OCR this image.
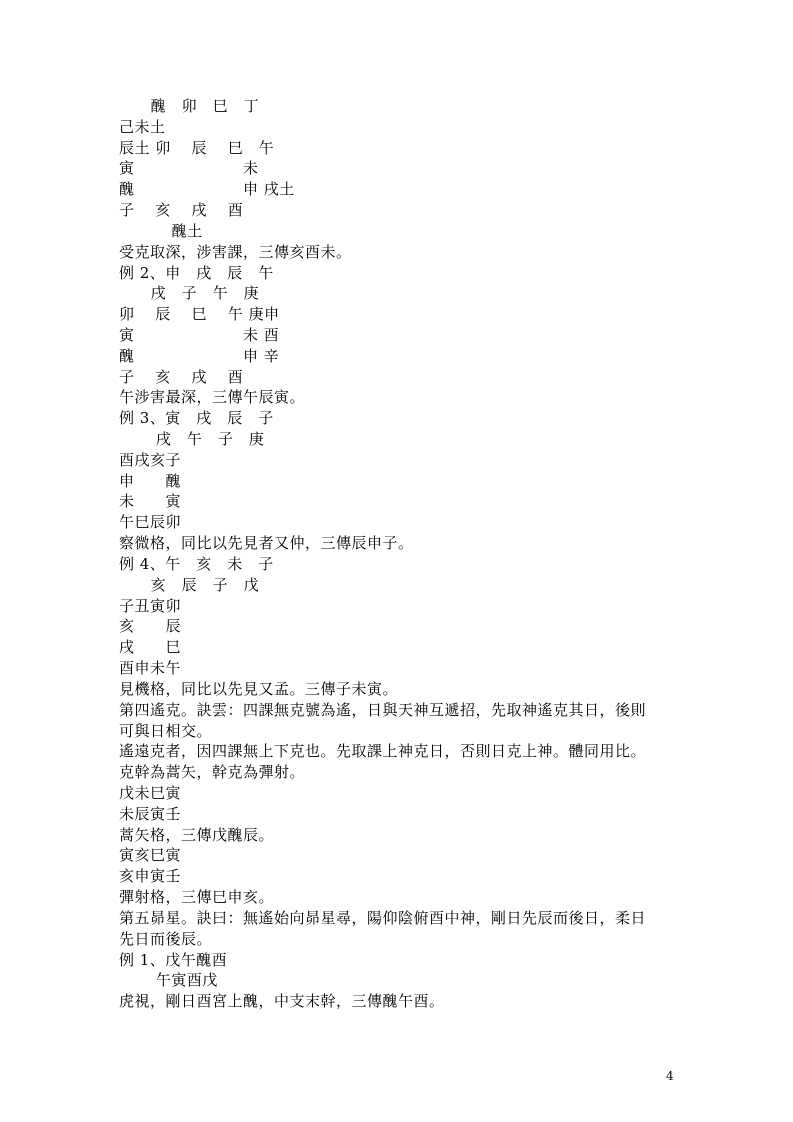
醜　卯　巳　丁
己未土
辰土 卯　 辰　 巳　午
寅　　　　　　　未
醜　　　　　　　申 戌土
子　 亥　 戌　 酉
醜土
受克取深，涉害課，三傳亥酉未。
例 2、申　戌　辰　午
戌　子　午　庚
卯　 辰　 巳　 午 庚申
寅　　　　　　　未 酉
醜　　　　　　　申 辛
子　 亥　 戌　 酉
午涉害最深，三傳午辰寅。
例 3、寅　戌　辰　子
戌　午　子　庚
酉戌亥子
申　　醜
未　　寅
午巳辰卯
察微格，同比以先見者又仲，三傳辰申子。
例 4、午　亥　未　子
亥　辰　子　戊
子丑寅卯
亥　　辰
戌　　巳
酉申未午
見機格，同比以先見又孟。三傳子未寅。
第四遙克。訣雲：四課無克號為遙，日與天神互遞招，先取神遙克其日，後則
可與日相交。
遙遠克者，因四課無上下克也。先取課上神克日，否則日克上神。體同用比。
克幹為蒿矢，幹克為彈射。
戊未巳寅
未辰寅壬
蒿矢格，三傳戊醜辰。
寅亥巳寅
亥申寅壬
彈射格，三傳巳申亥。
第五昴星。訣曰：無遙始向昴星尋，陽仰陰俯酉中神，剛日先辰而後日，柔日
先日而後辰。
例 1、戊午醜酉
午寅酉戊
虎視，剛日酉宮上醜，中支末幹，三傳醜午酉。
4
